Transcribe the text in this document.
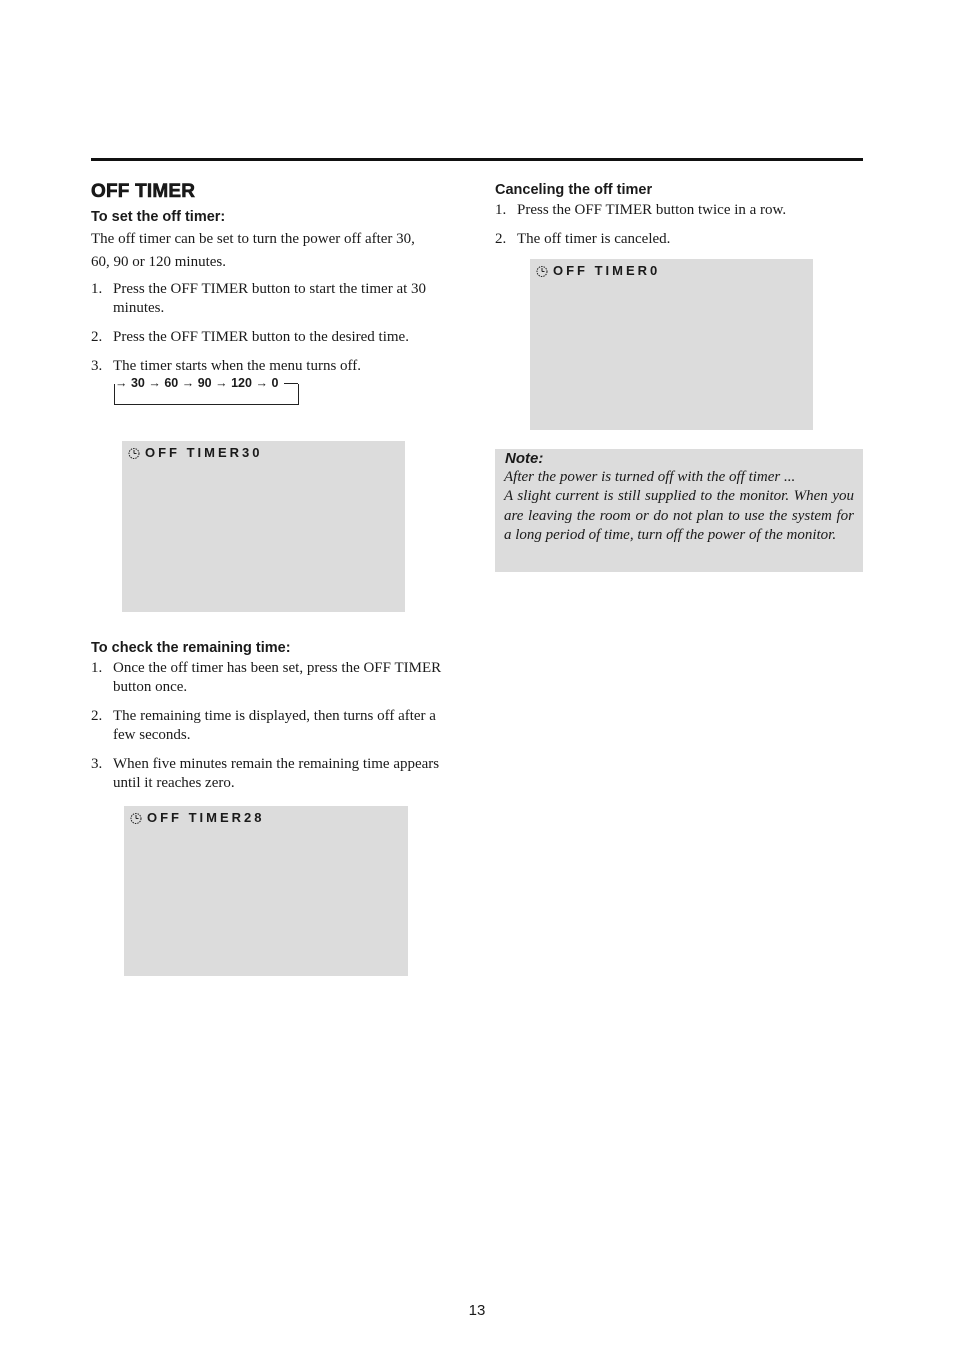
OFF TIMER

To set the off timer:

The off timer can be set to turn the power off after 30,

60, 90 or 120 minutes.

1. Press the OFF TIMER button to start the timer at 30 minutes.
2. Press the OFF TIMER button to the desired time.
3. The timer starts when the menu turns off.
→ 30 → 60 → 90 → 120 → 0
OFF TIMER30

To check the remaining time:

1. Once the off timer has been set, press the OFF TIMER button once.
2. The remaining time is displayed, then turns off after a few seconds.
3. When five minutes remain the remaining time appears until it reaches zero.
OFF TIMER28

Canceling the off timer

1. Press the OFF TIMER button twice in a row.
2. The off timer is canceled.
OFF TIMER0
Note:
After the power is turned off with the off timer ...
A slight current is still supplied to the monitor. When you are leaving the room or do not plan to use the system for a long period of time, turn off the power of the monitor.
13
